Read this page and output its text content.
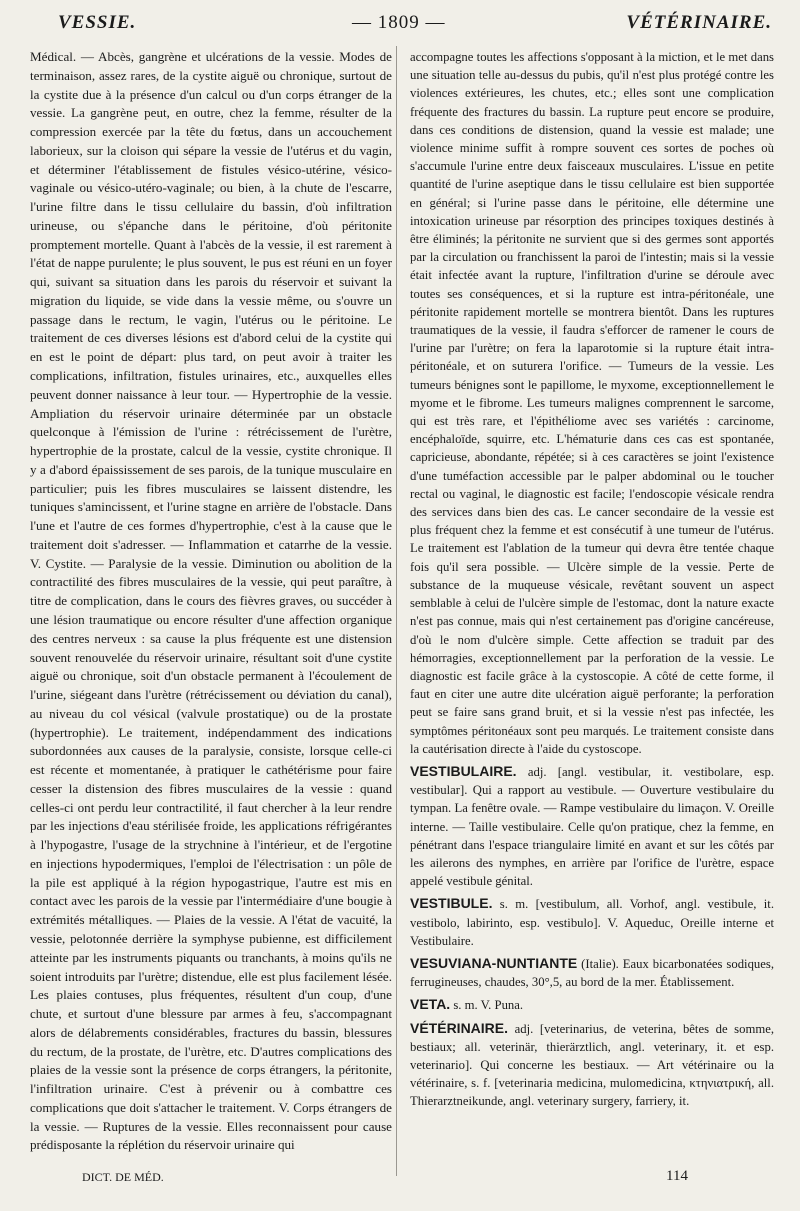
VESSIE.	— 1809 —	VÉTÉRINAIRE.

Médical. — Abcès, gangrène et ulcérations de la vessie. Modes de terminaison, assez rares, de la cystite aiguë ou chronique, surtout de la cystite due à la présence d'un calcul ou d'un corps étranger de la vessie. La gangrène peut, en outre, chez la femme, résulter de la compression exercée par la tête du fœtus, dans un accouchement laborieux, sur la cloison qui sépare la vessie de l'utérus et du vagin, et déterminer l'établissement de fistules vésico-utérine, vésico-vaginale ou vésico-utéro-vaginale; ou bien, à la chute de l'escarre, l'urine filtre dans le tissu cellulaire du bassin, d'où infiltration urineuse, ou s'épanche dans le péritoine, d'où péritonite promptement mortelle. Quant à l'abcès de la vessie, il est rarement à l'état de nappe purulente; le plus souvent, le pus est réuni en un foyer qui, suivant sa situation dans les parois du réservoir et suivant la migration du liquide, se vide dans la vessie même, ou s'ouvre un passage dans le rectum, le vagin, l'utérus ou le péritoine. Le traitement de ces diverses lésions est d'abord celui de la cystite qui en est le point de départ: plus tard, on peut avoir à traiter les complications, infiltration, fistules urinaires, etc., auxquelles elles peuvent donner naissance à leur tour. — Hypertrophie de la vessie. Ampliation du réservoir urinaire déterminée par un obstacle quelconque à l'émission de l'urine : rétrécissement de l'urètre, hypertrophie de la prostate, calcul de la vessie, cystite chronique. Il y a d'abord épaississement de ses parois, de la tunique musculaire en particulier; puis les fibres musculaires se laissent distendre, les tuniques s'amincissent, et l'urine stagne en arrière de l'obstacle. Dans l'une et l'autre de ces formes d'hypertrophie, c'est à la cause que le traitement doit s'adresser. — Inflammation et catarrhe de la vessie. V. Cystite. — Paralysie de la vessie. Diminution ou abolition de la contractilité des fibres musculaires de la vessie, qui peut paraître, à titre de complication, dans le cours des fièvres graves, ou succéder à une lésion traumatique ou encore résulter d'une affection organique des centres nerveux : sa cause la plus fréquente est une distension souvent renouvelée du réservoir urinaire, résultant soit d'une cystite aiguë ou chronique, soit d'un obstacle permanent à l'écoulement de l'urine, siégeant dans l'urètre (rétrécissement ou déviation du canal), au niveau du col vésical (valvule prostatique) ou de la prostate (hypertrophie). Le traitement, indépendamment des indications subordonnées aux causes de la paralysie, consiste, lorsque celle-ci est récente et momentanée, à pratiquer le cathétérisme pour faire cesser la distension des fibres musculaires de la vessie : quand celles-ci ont perdu leur contractilité, il faut chercher à la leur rendre par les injections d'eau stérilisée froide, les applications réfrigérantes à l'hypogastre, l'usage de la strychnine à l'intérieur, et de l'ergotine en injections hypodermiques, l'emploi de l'électrisation : un pôle de la pile est appliqué à la région hypogastrique, l'autre est mis en contact avec les parois de la vessie par l'intermédiaire d'une bougie à extrémités métalliques. — Plaies de la vessie. A l'état de vacuité, la vessie, pelotonnée derrière la symphyse pubienne, est difficilement atteinte par les instruments piquants ou tranchants, à moins qu'ils ne soient introduits par l'urètre; distendue, elle est plus facilement lésée. Les plaies contuses, plus fréquentes, résultent d'un coup, d'une chute, et surtout d'une blessure par armes à feu, s'accompagnant alors de délabrements considérables, fractures du bassin, blessures du rectum, de la prostate, de l'urètre, etc. D'autres complications des plaies de la vessie sont la présence de corps étrangers, la péritonite, l'infiltration urinaire. C'est à prévenir ou à combattre ces complications que doit s'attacher le traitement. V. Corps étrangers de la vessie. — Ruptures de la vessie. Elles reconnaissent pour cause prédisposante la réplétion du réservoir urinaire qui

accompagne toutes les affections s'opposant à la miction, et le met dans une situation telle au-dessus du pubis, qu'il n'est plus protégé contre les violences extérieures, les chutes, etc.; elles sont une complication fréquente des fractures du bassin. La rupture peut encore se produire, dans ces conditions de distension, quand la vessie est malade; une violence minime suffit à rompre souvent ces sortes de poches où s'accumule l'urine entre deux faisceaux musculaires. L'issue en petite quantité de l'urine aseptique dans le tissu cellulaire est bien supportée en général; si l'urine passe dans le péritoine, elle détermine une intoxication urineuse par résorption des principes toxiques destinés à être éliminés; la péritonite ne survient que si des germes sont apportés par la circulation ou franchissent la paroi de l'intestin; mais si la vessie était infectée avant la rupture, l'infiltration d'urine se déroule avec toutes ses conséquences, et si la rupture est intra-péritonéale, une péritonite rapidement mortelle se montrera bientôt. Dans les ruptures traumatiques de la vessie, il faudra s'efforcer de ramener le cours de l'urine par l'urètre; on fera la laparotomie si la rupture était intra-péritonéale, et on suturera l'orifice. — Tumeurs de la vessie. Les tumeurs bénignes sont le papillome, le myxome, exceptionnellement le myome et le fibrome. Les tumeurs malignes comprennent le sarcome, qui est très rare, et l'épithéliome avec ses variétés : carcinome, encéphaloïde, squirre, etc. L'hématurie dans ces cas est spontanée, capricieuse, abondante, répétée; si à ces caractères se joint l'existence d'une tuméfaction accessible par le palper abdominal ou le toucher rectal ou vaginal, le diagnostic est facile; l'endoscopie vésicale rendra des services dans bien des cas. Le cancer secondaire de la vessie est plus fréquent chez la femme et est consécutif à une tumeur de l'utérus. Le traitement est l'ablation de la tumeur qui devra être tentée chaque fois qu'il sera possible. — Ulcère simple de la vessie. Perte de substance de la muqueuse vésicale, revêtant souvent un aspect semblable à celui de l'ulcère simple de l'estomac, dont la nature exacte n'est pas connue, mais qui n'est certainement pas d'origine cancéreuse, d'où le nom d'ulcère simple. Cette affection se traduit par des hémorragies, exceptionnellement par la perforation de la vessie. Le diagnostic est facile grâce à la cystoscopie. A côté de cette forme, il faut en citer une autre dite ulcération aiguë perforante; la perforation peut se faire sans grand bruit, et si la vessie n'est pas infectée, les symptômes péritonéaux sont peu marqués. Le traitement consiste dans la cautérisation directe à l'aide du cystoscope.

VESTIBULAIRE. adj. [angl. vestibular, it. vestibolare, esp. vestibular]. Qui a rapport au vestibule. — Ouverture vestibulaire du tympan. La fenêtre ovale. — Rampe vestibulaire du limaçon. V. Oreille interne. — Taille vestibulaire. Celle qu'on pratique, chez la femme, en pénétrant dans l'espace triangulaire limité en avant et sur les côtés par les ailerons des nymphes, en arrière par l'orifice de l'urètre, espace appelé vestibule génital.

VESTIBULE. s. m. [vestibulum, all. Vorhof, angl. vestibule, it. vestibolo, labirinto, esp. vestibulo]. V. Aqueduc, Oreille interne et Vestibulaire.

VESUVIANA-NUNTIANTE (Italie). Eaux bicarbonatées sodiques, ferrugineuses, chaudes, 30°,5, au bord de la mer. Établissement.

VETA. s. m. V. Puna.

VÉTÉRINAIRE. adj. [veterinarius, de veterina, bêtes de somme, bestiaux; all. veterinär, thierärztlich, angl. veterinary, it. et esp. veterinario]. Qui concerne les bestiaux. — Art vétérinaire ou la vétérinaire, s. f. [veterinaria medicina, mulomedicina, κτηνιατρική, all. Thierarztneikunde, angl. veterinary surgery, farriery, it.

DICT. DE MÉD.	114
